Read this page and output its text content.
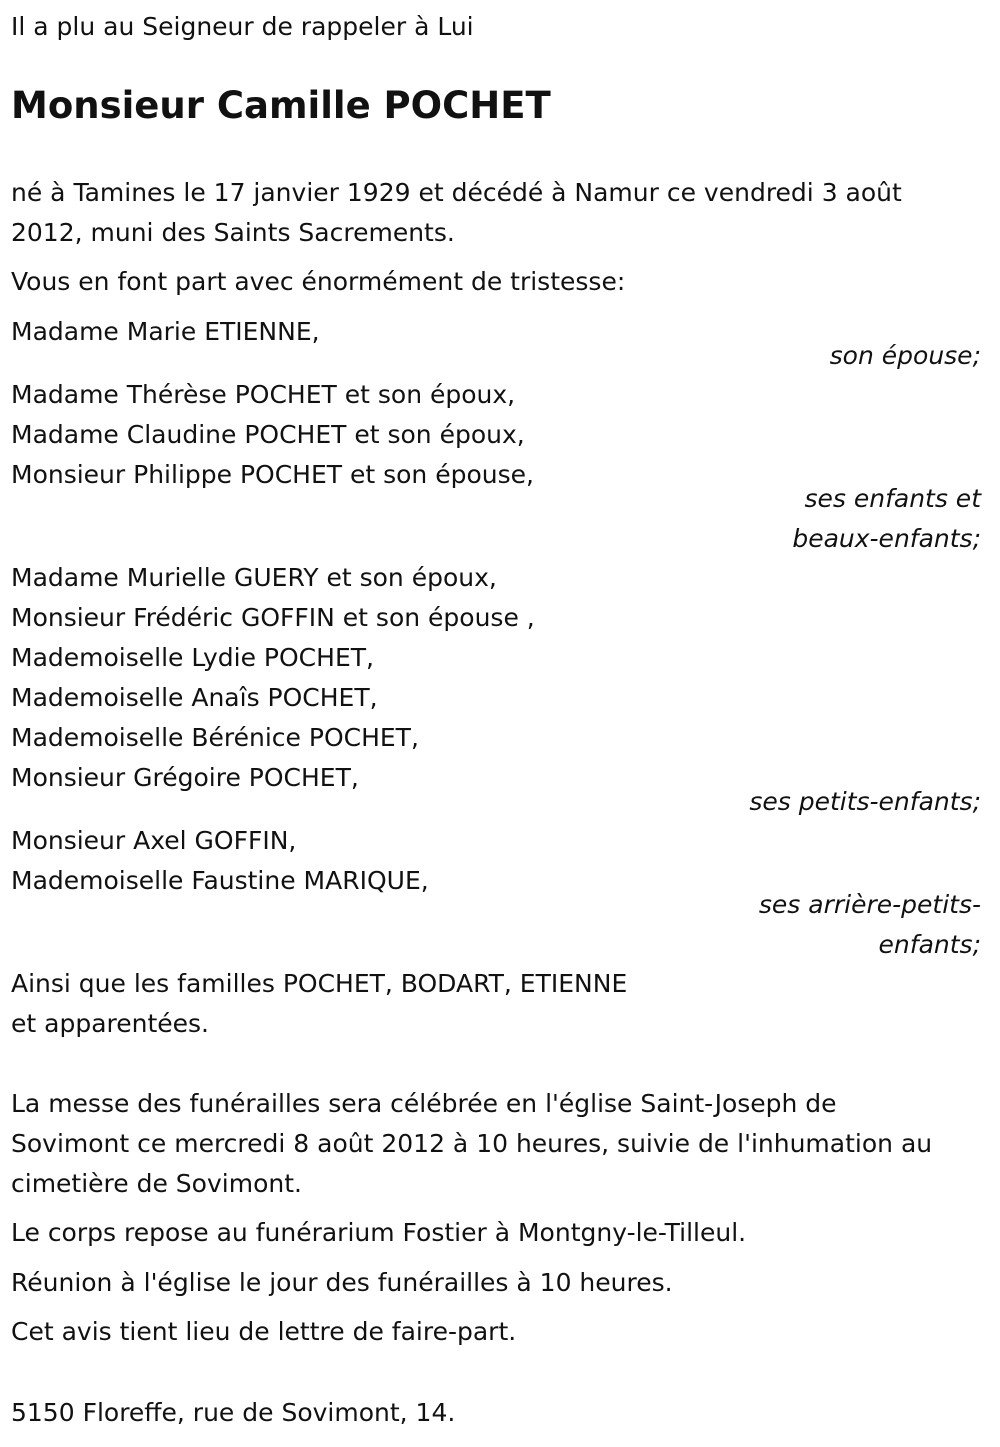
Il a plu au Seigneur de rappeler à Lui
Monsieur Camille POCHET
né à Tamines le 17 janvier 1929 et décédé à Namur ce vendredi 3 août
2012, muni des Saints Sacrements.
Vous en font part avec énormément de tristesse:
Madame Marie ETIENNE,
son épouse;
Madame Thérèse POCHET et son époux,
Madame Claudine POCHET et son époux,
Monsieur Philippe POCHET et son épouse,
ses enfants et
beaux-enfants;
Madame Murielle GUERY et son époux,
Monsieur Frédéric GOFFIN et son épouse ,
Mademoiselle Lydie POCHET,
Mademoiselle Anaîs POCHET,
Mademoiselle Bérénice POCHET,
Monsieur Grégoire POCHET,
ses petits-enfants;
Monsieur Axel GOFFIN,
Mademoiselle Faustine MARIQUE,
ses arrière-petits-
enfants;
Ainsi que les familles POCHET, BODART, ETIENNE
et apparentées.
La messe des funérailles sera célébrée en l'église Saint-Joseph de
Sovimont ce mercredi 8 août 2012 à 10 heures, suivie de l'inhumation au
cimetière de Sovimont.
Le corps repose au funérarium Fostier à Montgny-le-Tilleul.
Réunion à l'église le jour des funérailles à 10 heures.
Cet avis tient lieu de lettre de faire-part.
5150 Floreffe, rue de Sovimont, 14.
